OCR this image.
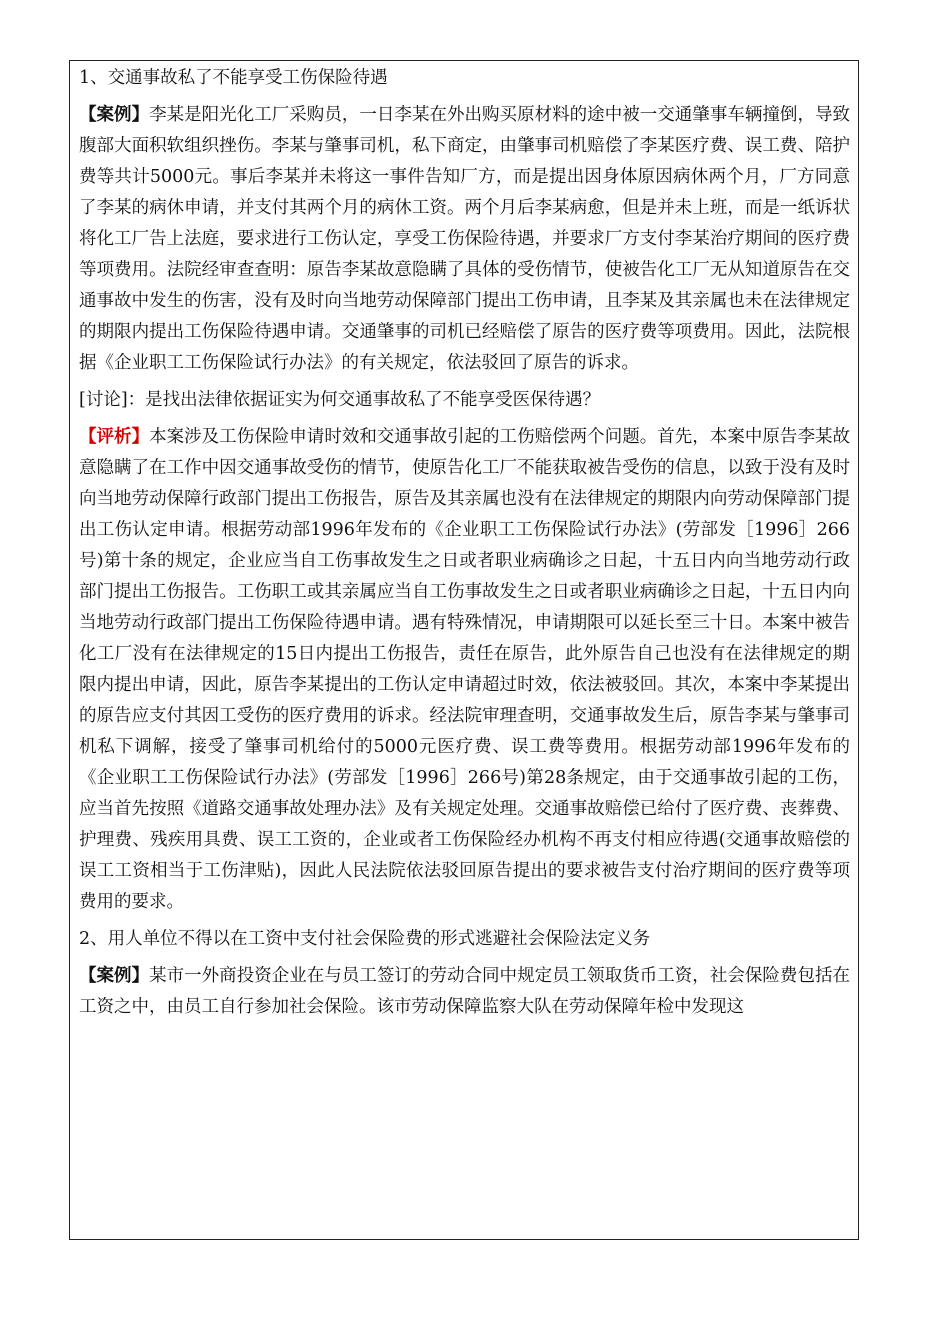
1、交通事故私了不能享受工伤保险待遇

【案例】李某是阳光化工厂采购员，一日李某在外出购买原材料的途中被一交通肇事车辆撞倒，导致腹部大面积软组织挫伤。李某与肇事司机，私下商定，由肇事司机赔偿了李某医疗费、误工费、陪护费等共计5000元。事后李某并未将这一事件告知厂方，而是提出因身体原因病休两个月，厂方同意了李某的病休申请，并支付其两个月的病休工资。两个月后李某病愈，但是并未上班，而是一纸诉状将化工厂告上法庭，要求进行工伤认定，享受工伤保险待遇，并要求厂方支付李某治疗期间的医疗费等项费用。法院经审查查明：原告李某故意隐瞒了具体的受伤情节，使被告化工厂无从知道原告在交通事故中发生的伤害，没有及时向当地劳动保障部门提出工伤申请，且李某及其亲属也未在法律规定的期限内提出工伤保险待遇申请。交通肇事的司机已经赔偿了原告的医疗费等项费用。因此，法院根据《企业职工工伤保险试行办法》的有关规定，依法驳回了原告的诉求。

[讨论]：是找出法律依据证实为何交通事故私了不能享受医保待遇？

【评析】本案涉及工伤保险申请时效和交通事故引起的工伤赔偿两个问题。首先，本案中原告李某故意隐瞒了在工作中因交通事故受伤的情节，使原告化工厂不能获取被告受伤的信息，以致于没有及时向当地劳动保障行政部门提出工伤报告，原告及其亲属也没有在法律规定的期限内向劳动保障部门提出工伤认定申请。根据劳动部1996年发布的《企业职工工伤保险试行办法》(劳部发［1996］266号)第十条的规定，企业应当自工伤事故发生之日或者职业病确诊之日起，十五日内向当地劳动行政部门提出工伤报告。工伤职工或其亲属应当自工伤事故发生之日或者职业病确诊之日起，十五日内向当地劳动行政部门提出工伤保险待遇申请。遇有特殊情况，申请期限可以延长至三十日。本案中被告化工厂没有在法律规定的15日内提出工伤报告，责任在原告，此外原告自己也没有在法律规定的期限内提出申请，因此，原告李某提出的工伤认定申请超过时效，依法被驳回。其次，本案中李某提出的原告应支付其因工受伤的医疗费用的诉求。经法院审理查明，交通事故发生后，原告李某与肇事司机私下调解，接受了肇事司机给付的5000元医疗费、误工费等费用。根据劳动部1996年发布的《企业职工工伤保险试行办法》(劳部发［1996］266号)第28条规定，由于交通事故引起的工伤，应当首先按照《道路交通事故处理办法》及有关规定处理。交通事故赔偿已给付了医疗费、丧葬费、护理费、残疾用具费、误工工资的，企业或者工伤保险经办机构不再支付相应待遇(交通事故赔偿的误工工资相当于工伤津贴)，因此人民法院依法驳回原告提出的要求被告支付治疗期间的医疗费等项费用的要求。

2、用人单位不得以在工资中支付社会保险费的形式逃避社会保险法定义务

【案例】某市一外商投资企业在与员工签订的劳动合同中规定员工领取货币工资，社会保险费包括在工资之中，由员工自行参加社会保险。该市劳动保障监察大队在劳动保障年检中发现这
